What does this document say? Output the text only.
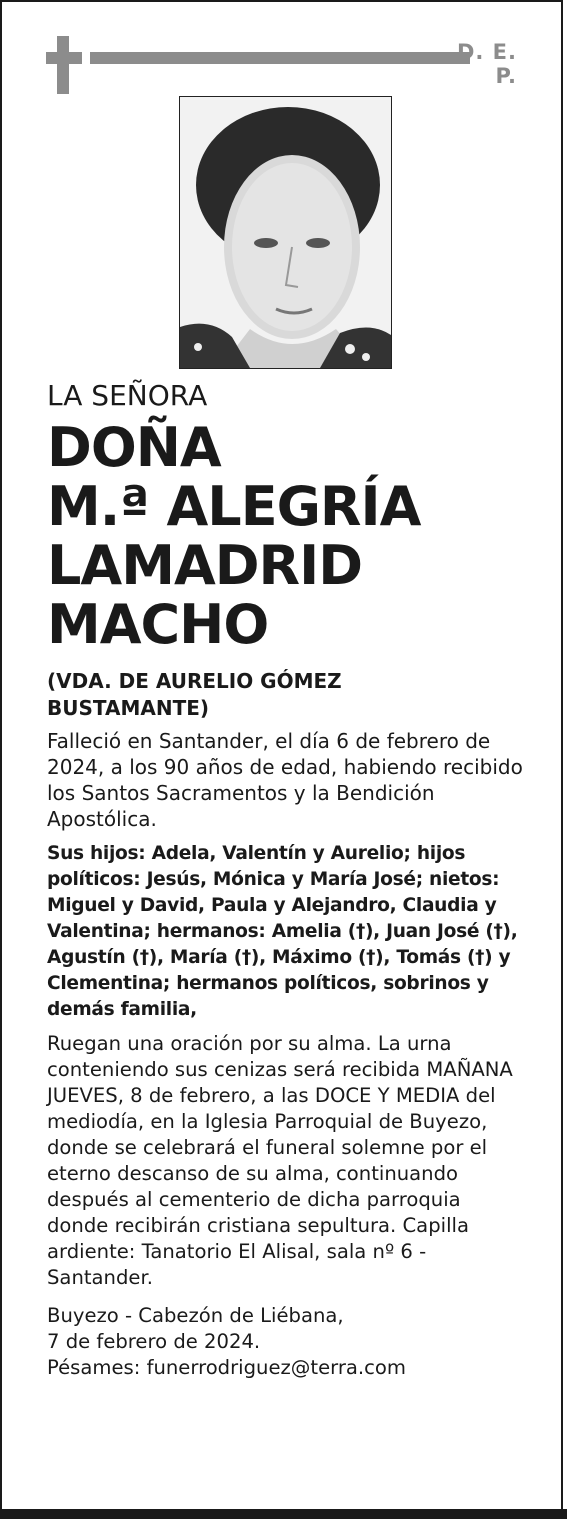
D. E. P.

LA SEÑORA

DOÑA
M.ª ALEGRÍA
LAMADRID
MACHO
(VDA. DE AURELIO GÓMEZ
BUSTAMANTE)

Falleció en Santander, el día 6 de febrero de 2024, a los 90 años de edad, habiendo recibido los Santos Sacramentos y la Bendición Apostólica.

Sus hijos: Adela, Valentín y Aurelio; hijos políticos: Jesús, Mónica y María José; nietos: Miguel y David, Paula y Alejandro, Claudia y Valentina; hermanos: Amelia (†), Juan José (†), Agustín (†), María (†), Máximo (†), Tomás (†) y Clementina; hermanos políticos, sobrinos y demás familia,

Ruegan una oración por su alma. La urna conteniendo sus cenizas será recibida MAÑANA JUEVES, 8 de febrero, a las DOCE Y MEDIA del mediodía, en la Iglesia Parroquial de Buyezo, donde se celebrará el funeral solemne por el eterno descanso de su alma, continuando después al cementerio de dicha parroquia donde recibirán cristiana sepultura. Capilla ardiente: Tanatorio El Alisal, sala nº 6 - Santander.

Buyezo - Cabezón de Liébana,
7 de febrero de 2024.
Pésames: funerrodriguez@terra.com
